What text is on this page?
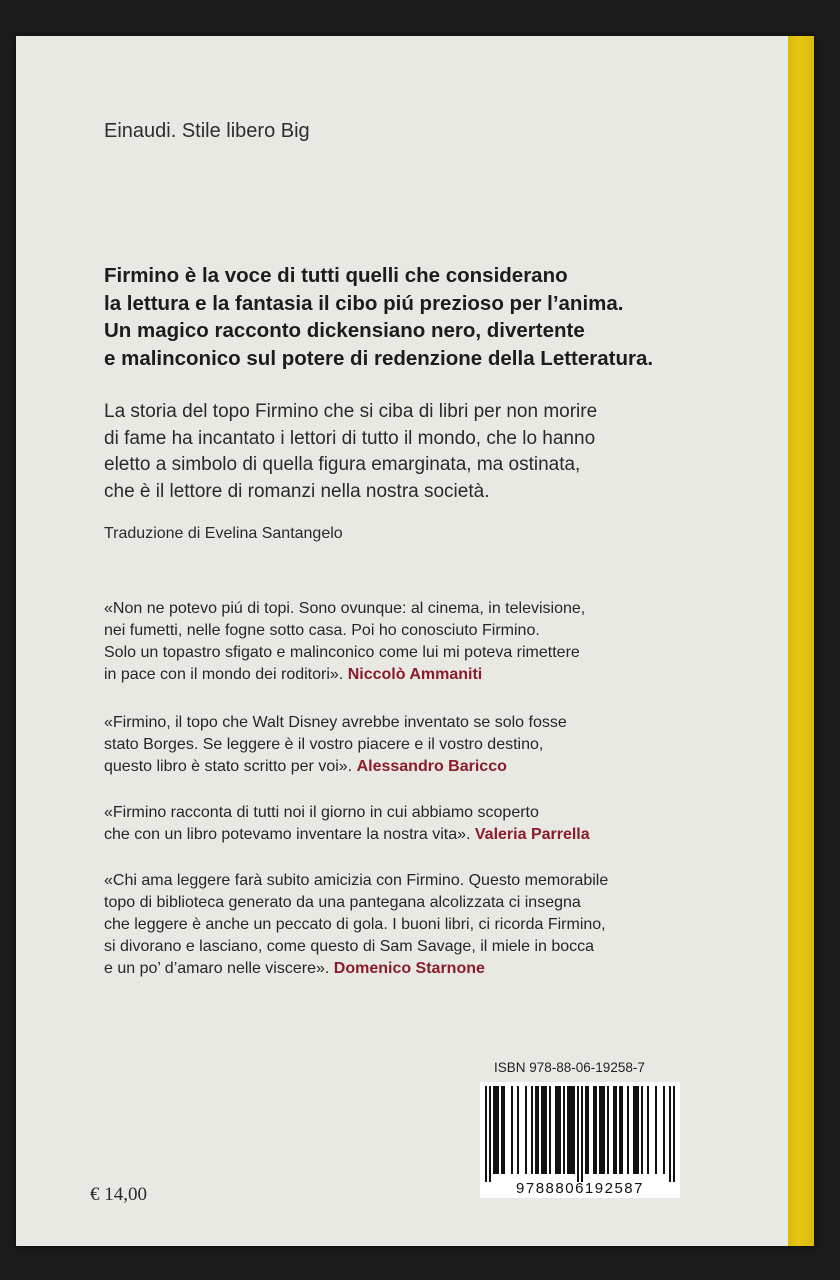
Einaudi. Stile libero Big

Firmino è la voce di tutti quelli che considerano
la lettura e la fantasia il cibo piú prezioso per l’anima.
Un magico racconto dickensiano nero, divertente
e malinconico sul potere di redenzione della Letteratura.

La storia del topo Firmino che si ciba di libri per non morire
di fame ha incantato i lettori di tutto il mondo, che lo hanno
eletto a simbolo di quella figura emarginata, ma ostinata,
che è il lettore di romanzi nella nostra società.

Traduzione di Evelina Santangelo

«Non ne potevo piú di topi. Sono ovunque: al cinema, in televisione,
nei fumetti, nelle fogne sotto casa. Poi ho conosciuto Firmino.
Solo un topastro sfigato e malinconico come lui mi poteva rimettere
in pace con il mondo dei roditori». Niccolò Ammaniti

«Firmino, il topo che Walt Disney avrebbe inventato se solo fosse
stato Borges. Se leggere è il vostro piacere e il vostro destino,
questo libro è stato scritto per voi». Alessandro Baricco

«Firmino racconta di tutti noi il giorno in cui abbiamo scoperto
che con un libro potevamo inventare la nostra vita». Valeria Parrella

«Chi ama leggere farà subito amicizia con Firmino. Questo memorabile
topo di biblioteca generato da una pantegana alcolizzata ci insegna
che leggere è anche un peccato di gola. I buoni libri, ci ricorda Firmino,
si divorano e lasciano, come questo di Sam Savage, il miele in bocca
e un po’ d’amaro nelle viscere». Domenico Starnone

ISBN 978-88-06-19258-7
9788806192587
€ 14,00
